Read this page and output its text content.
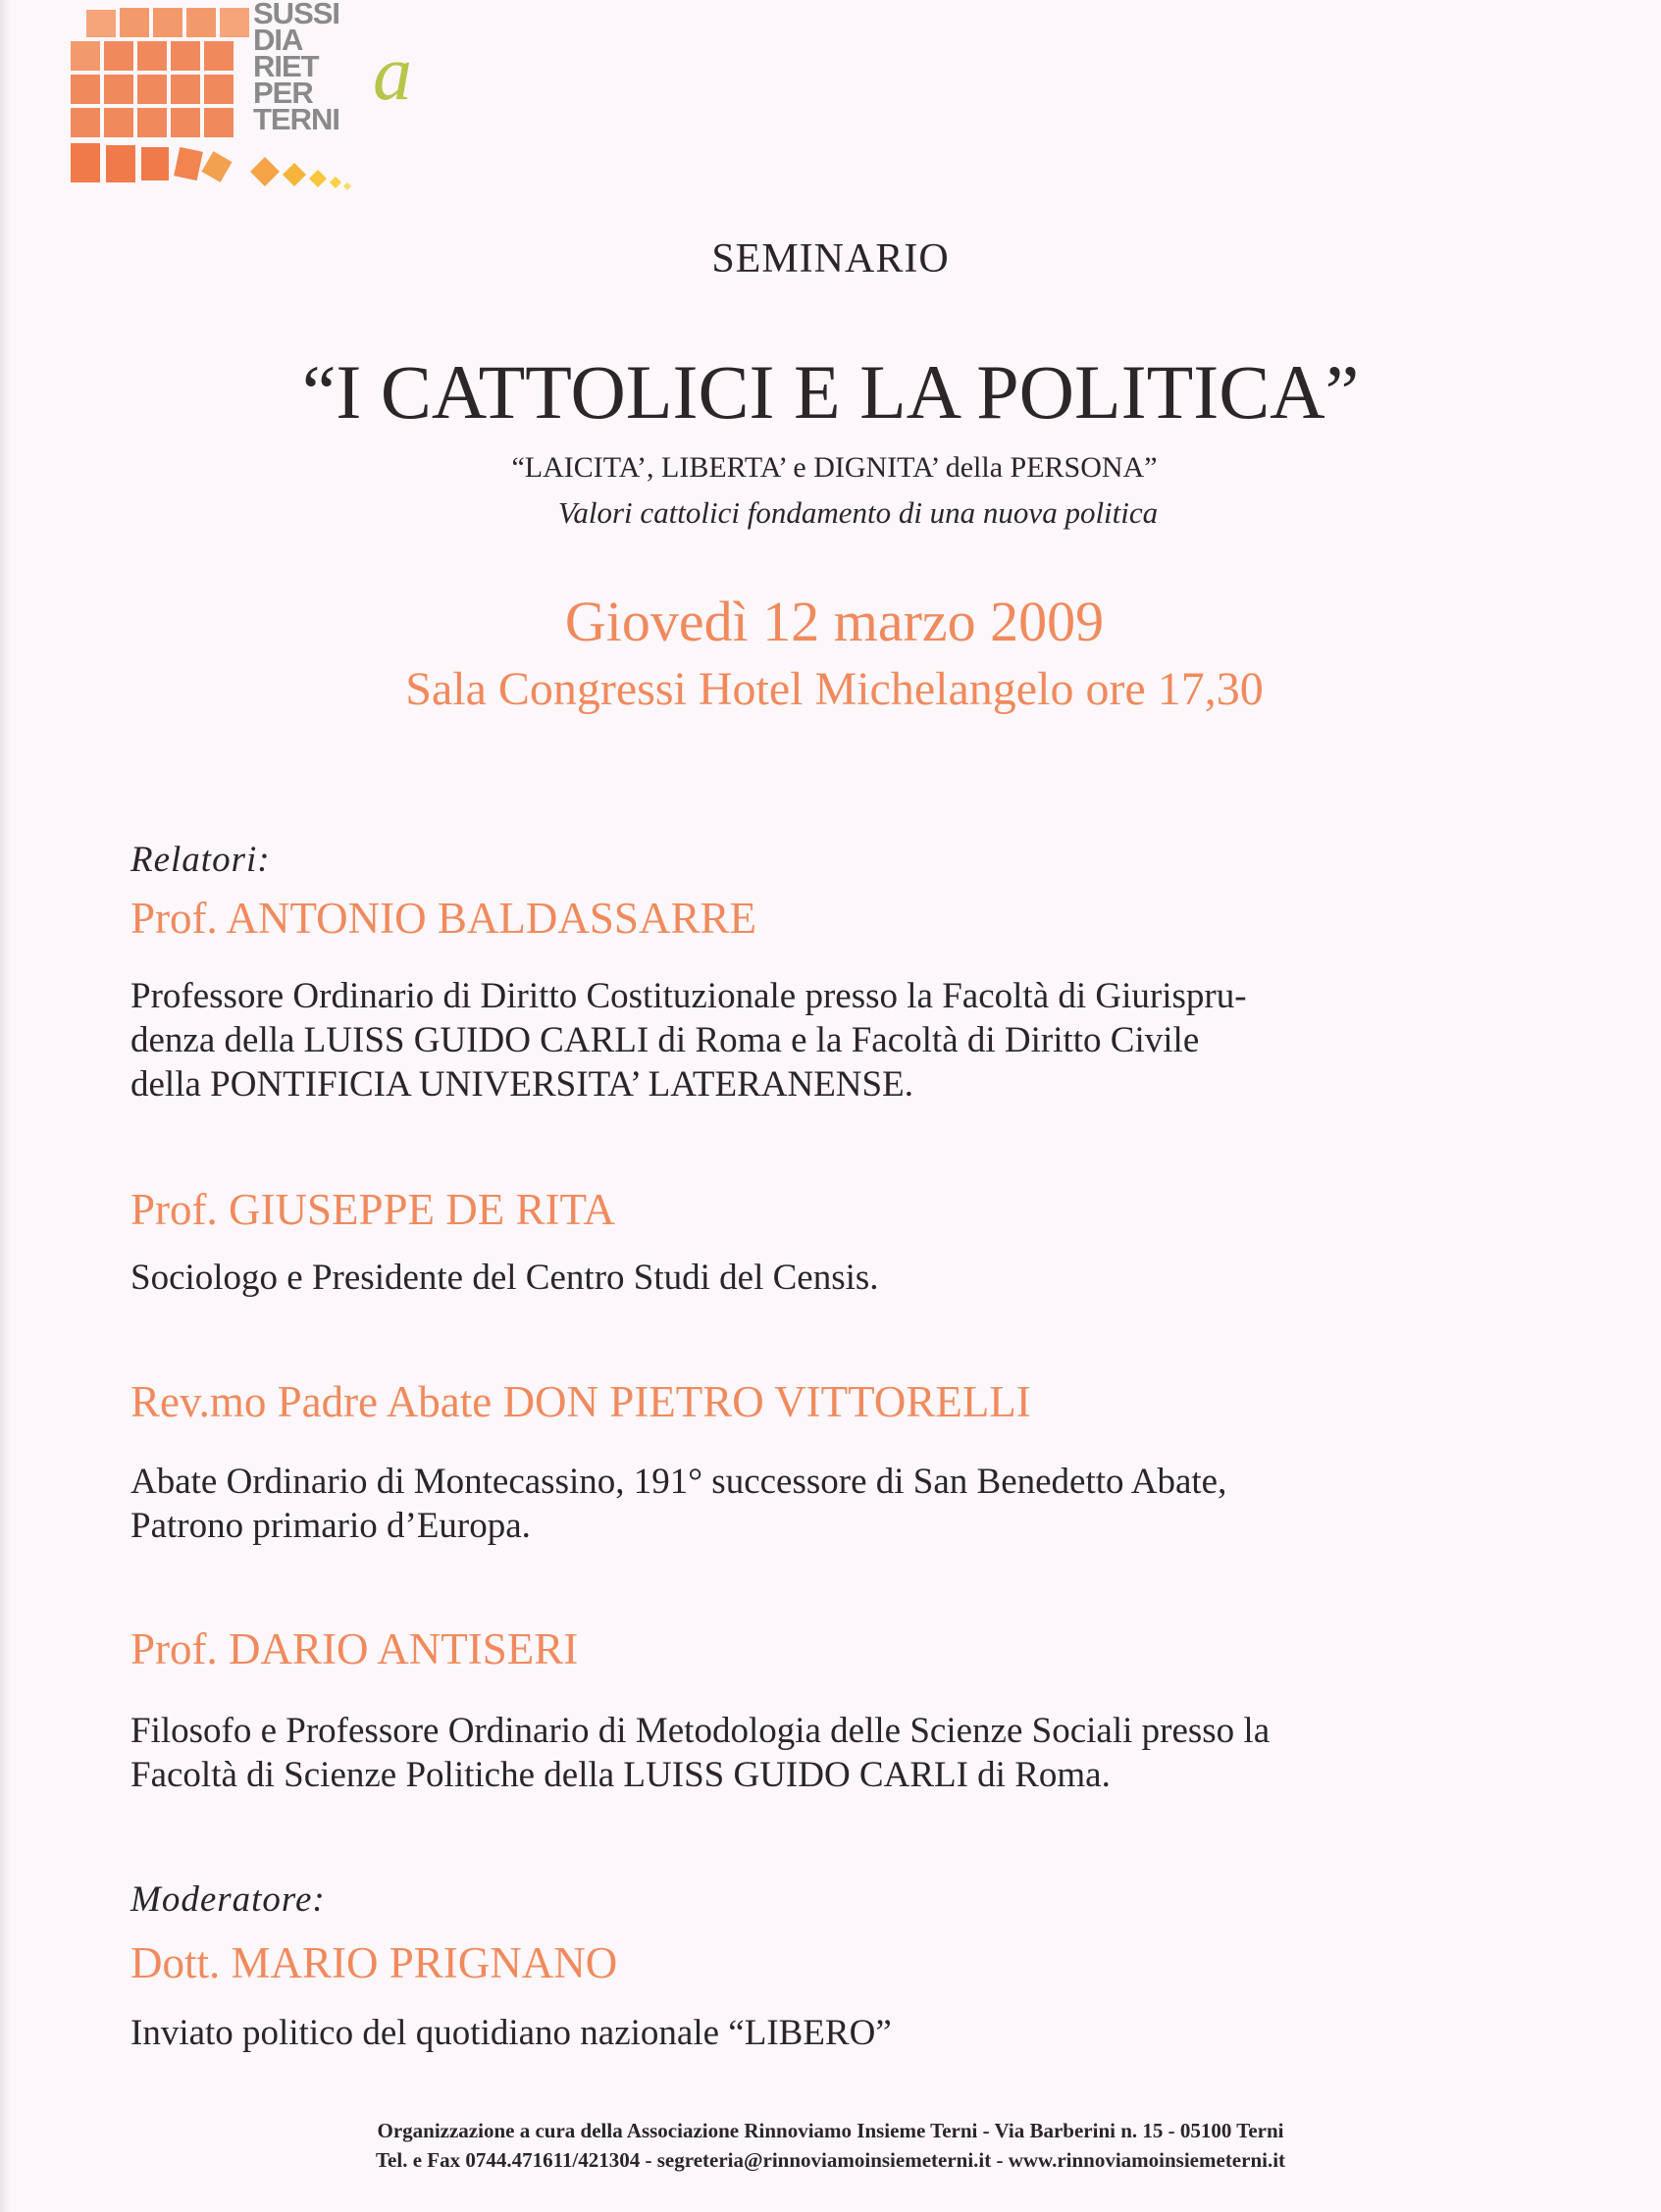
SUSSI
DIA
RIET
PER
TERNI
a
SEMINARIO
“I CATTOLICI E LA POLITICA”
“LAICITA’, LIBERTA’ e DIGNITA’ della PERSONA”
Valori cattolici fondamento di una nuova politica
Giovedì 12 marzo 2009
Sala Congressi Hotel Michelangelo ore 17,30
Relatori:
Prof. ANTONIO BALDASSARRE
Professore Ordinario di Diritto Costituzionale presso la Facoltà di Giurispru-
denza della LUISS GUIDO CARLI di Roma e la Facoltà di Diritto Civile
della PONTIFICIA UNIVERSITA’ LATERANENSE.
Prof. GIUSEPPE DE RITA
Sociologo e Presidente del Centro Studi del Censis.
Rev.mo Padre Abate DON PIETRO VITTORELLI
Abate Ordinario di Montecassino, 191° successore di San Benedetto Abate,
Patrono primario d’Europa.
Prof. DARIO ANTISERI
Filosofo e Professore Ordinario di Metodologia delle Scienze Sociali presso la
Facoltà di Scienze Politiche della LUISS GUIDO CARLI di Roma.
Moderatore:
Dott. MARIO PRIGNANO
Inviato politico del quotidiano nazionale “LIBERO”
Organizzazione a cura della Associazione Rinnoviamo Insieme Terni - Via Barberini n. 15 - 05100 Terni
Tel. e Fax 0744.471611/421304 - segreteria@rinnoviamoinsiemeterni.it - www.rinnoviamoinsiemeterni.it
